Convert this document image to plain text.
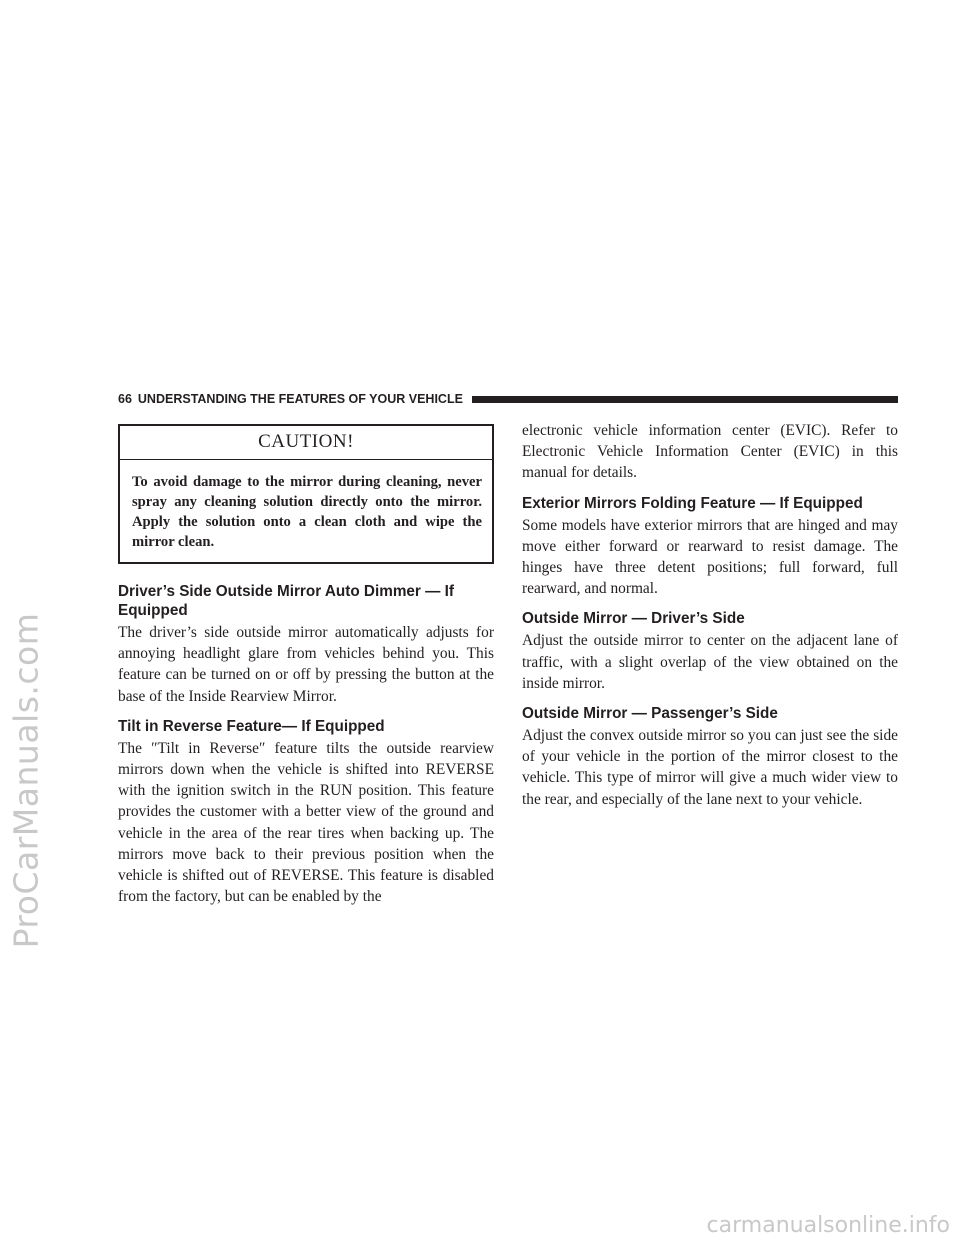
66 UNDERSTANDING THE FEATURES OF YOUR VEHICLE
CAUTION!
To avoid damage to the mirror during cleaning, never spray any cleaning solution directly onto the mirror. Apply the solution onto a clean cloth and wipe the mirror clean.
Driver’s Side Outside Mirror Auto Dimmer — If Equipped

The driver’s side outside mirror automatically adjusts for annoying headlight glare from vehicles behind you. This feature can be turned on or off by pressing the button at the base of the Inside Rearview Mirror.

Tilt in Reverse Feature— If Equipped

The ″Tilt in Reverse″ feature tilts the outside rearview mirrors down when the vehicle is shifted into REVERSE with the ignition switch in the RUN position. This feature provides the customer with a better view of the ground and vehicle in the area of the rear tires when backing up. The mirrors move back to their previous position when the vehicle is shifted out of REVERSE. This feature is disabled from the factory, but can be enabled by the

electronic vehicle information center (EVIC). Refer to Electronic Vehicle Information Center (EVIC) in this manual for details.

Exterior Mirrors Folding Feature — If Equipped

Some models have exterior mirrors that are hinged and may move either forward or rearward to resist damage. The hinges have three detent positions; full forward, full rearward, and normal.

Outside Mirror — Driver’s Side

Adjust the outside mirror to center on the adjacent lane of traffic, with a slight overlap of the view obtained on the inside mirror.

Outside Mirror — Passenger’s Side

Adjust the convex outside mirror so you can just see the side of your vehicle in the portion of the mirror closest to the vehicle. This type of mirror will give a much wider view to the rear, and especially of the lane next to your vehicle.

ProCarManuals.com
carmanualsonline.info
